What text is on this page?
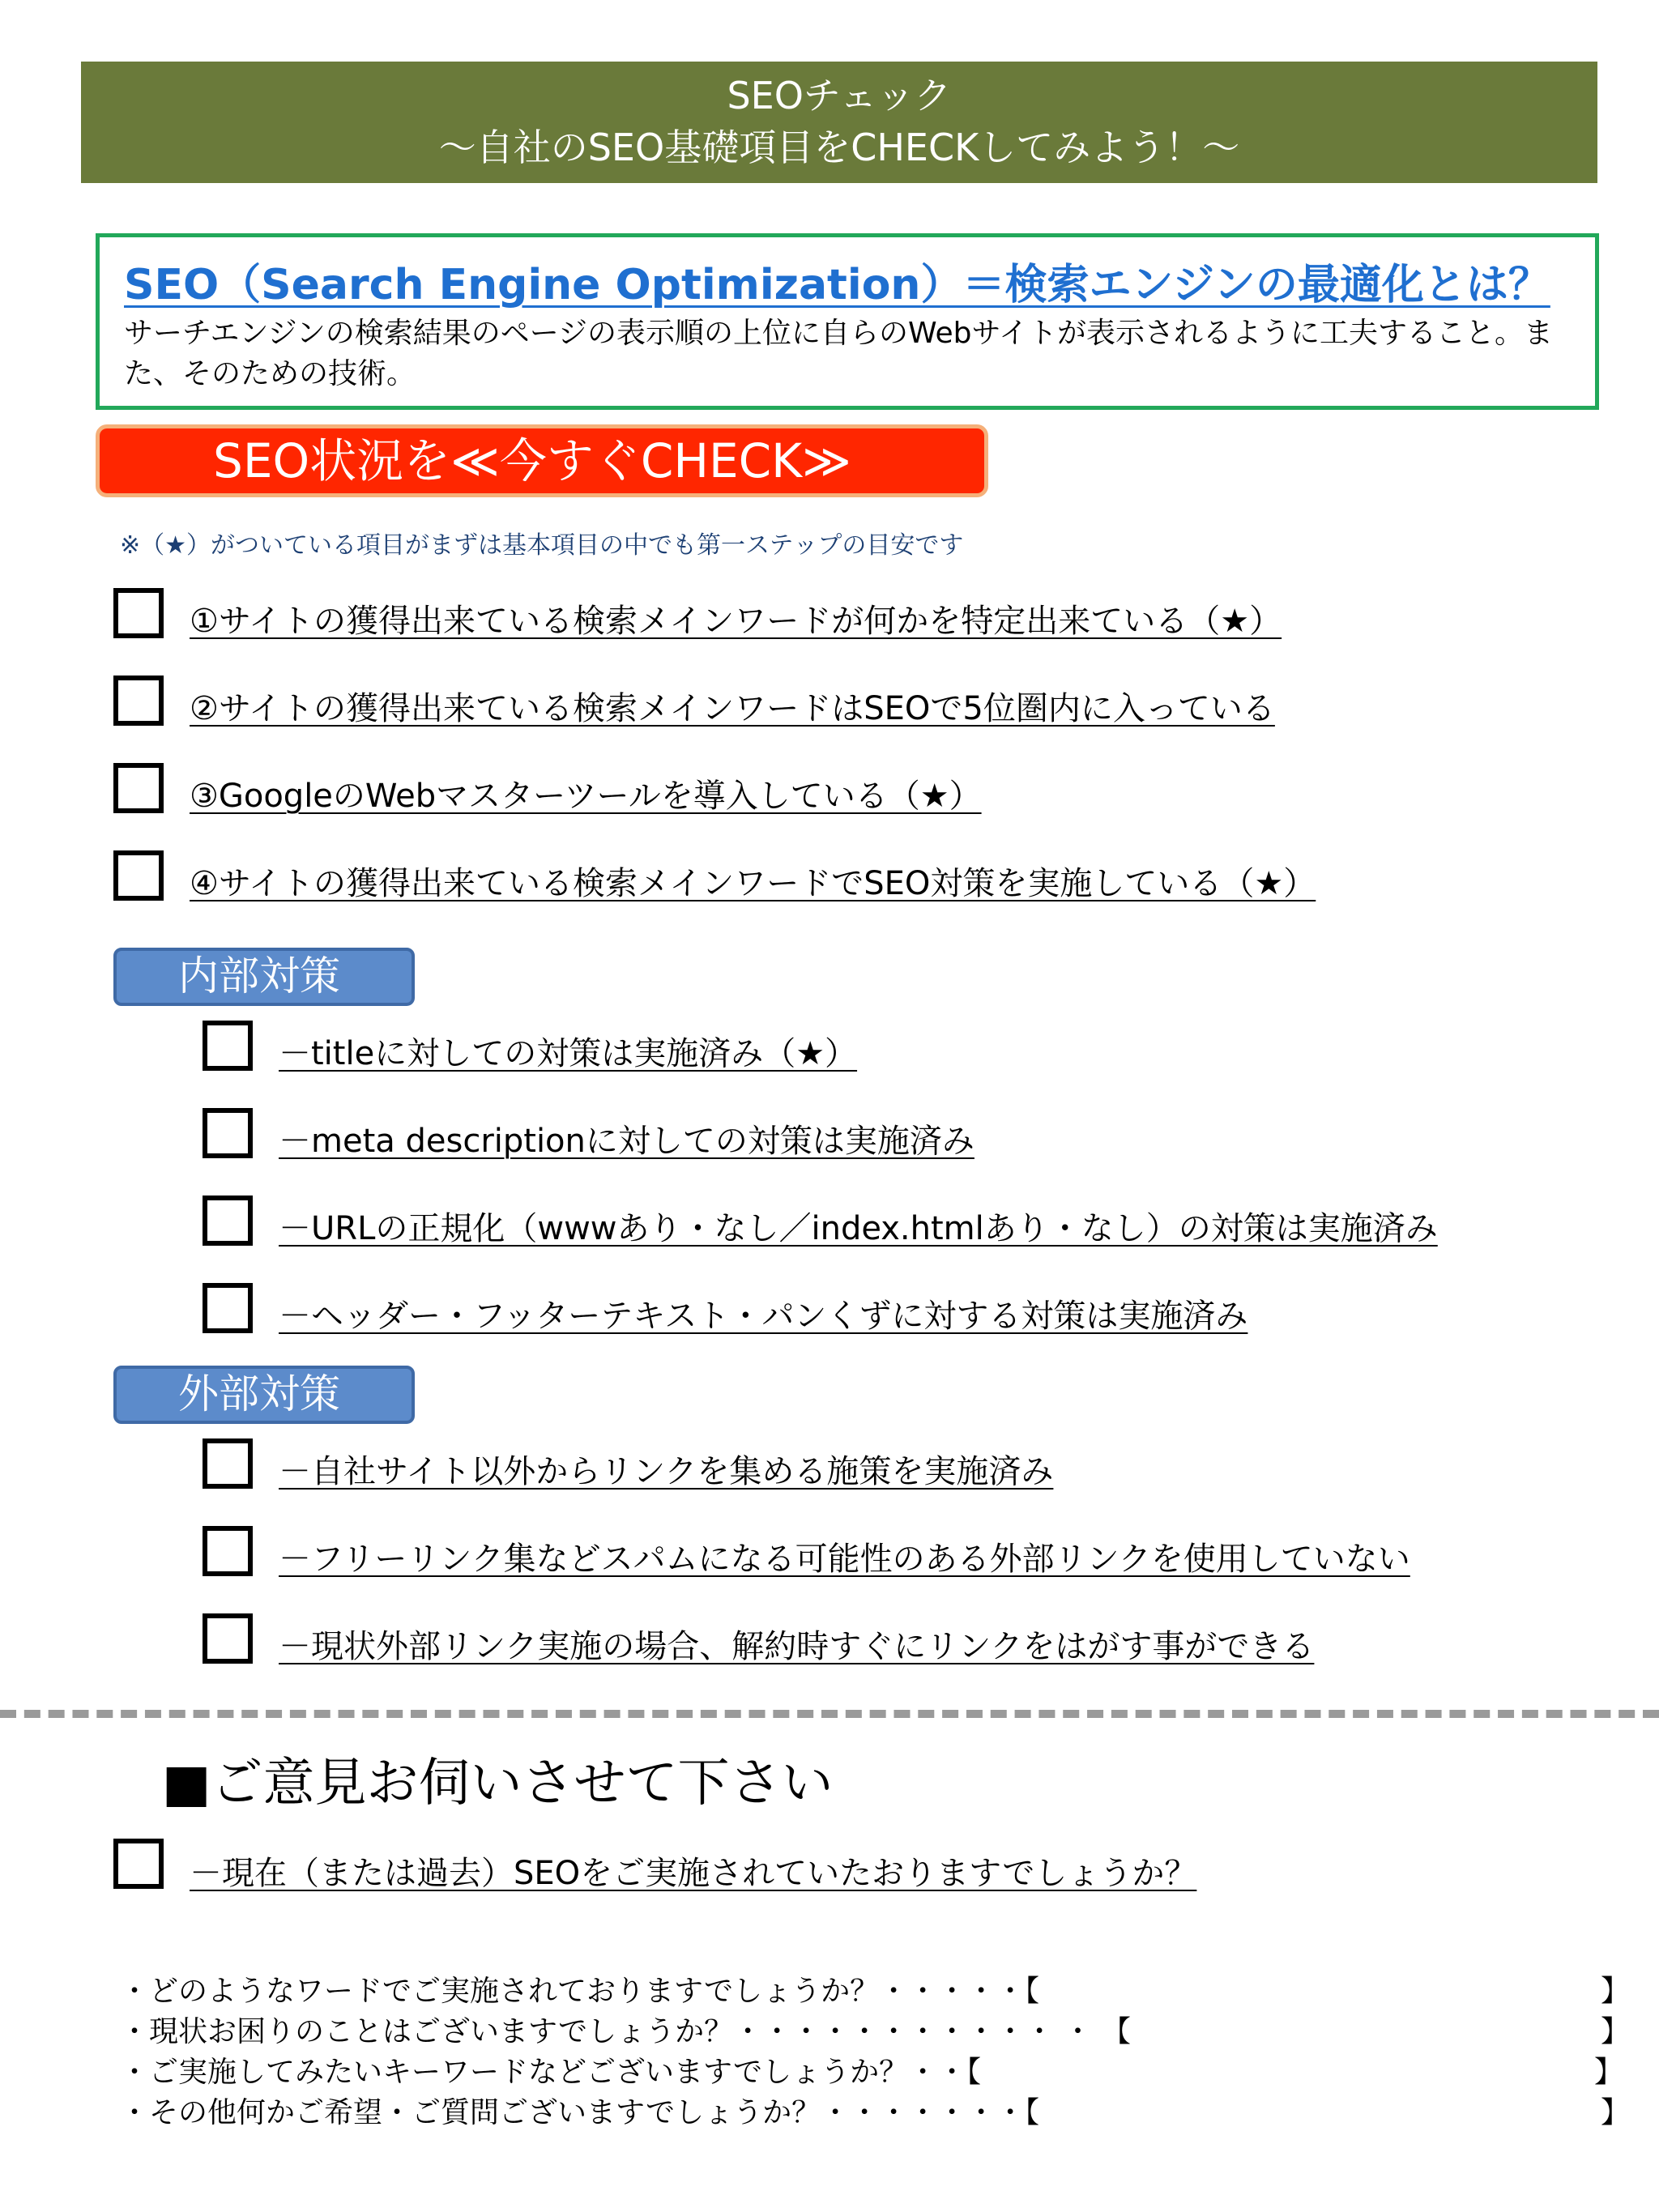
SEOチェック
～自社のSEO基礎項目をCHECKしてみよう！～
SEO（Search Engine Optimization）＝検索エンジンの最適化とは？
サーチエンジンの検索結果のページの表示順の上位に自らのWebサイトが表示されるように工夫すること。また、そのための技術。
SEO状況を≪今すぐCHECK≫
※（★）がついている項目がまずは基本項目の中でも第一ステップの目安です
①サイトの獲得出来ている検索メインワードが何かを特定出来ている（★）
②サイトの獲得出来ている検索メインワードはSEOで5位圏内に入っている
③GoogleのWebマスターツールを導入している（★）
④サイトの獲得出来ている検索メインワードでSEO対策を実施している（★）
内部対策
－titleに対しての対策は実施済み（★）
－meta descriptionに対しての対策は実施済み
－URLの正規化（wwwあり・なし／index.htmlあり・なし）の対策は実施済み
－ヘッダー・フッターテキスト・パンくずに対する対策は実施済み
外部対策
－自社サイト以外からリンクを集める施策を実施済み
－フリーリンク集などスパムになる可能性のある外部リンクを使用していない
－現状外部リンク実施の場合、解約時すぐにリンクをはがす事ができる
■ご意見お伺いさせて下さい
－現在（または過去）SEOをご実施されていたおりますでしょうか？
・どのようなワードでご実施されておりますでしょうか？・・・・・【	】
・現状お困りのことはございますでしょうか？・・・・・・・・・・・ ・ 【	】
・ご実施してみたいキーワードなどございますでしょうか？・・【	】
・その他何かご希望・ご質問ございますでしょうか？・・・・・・・【	】
